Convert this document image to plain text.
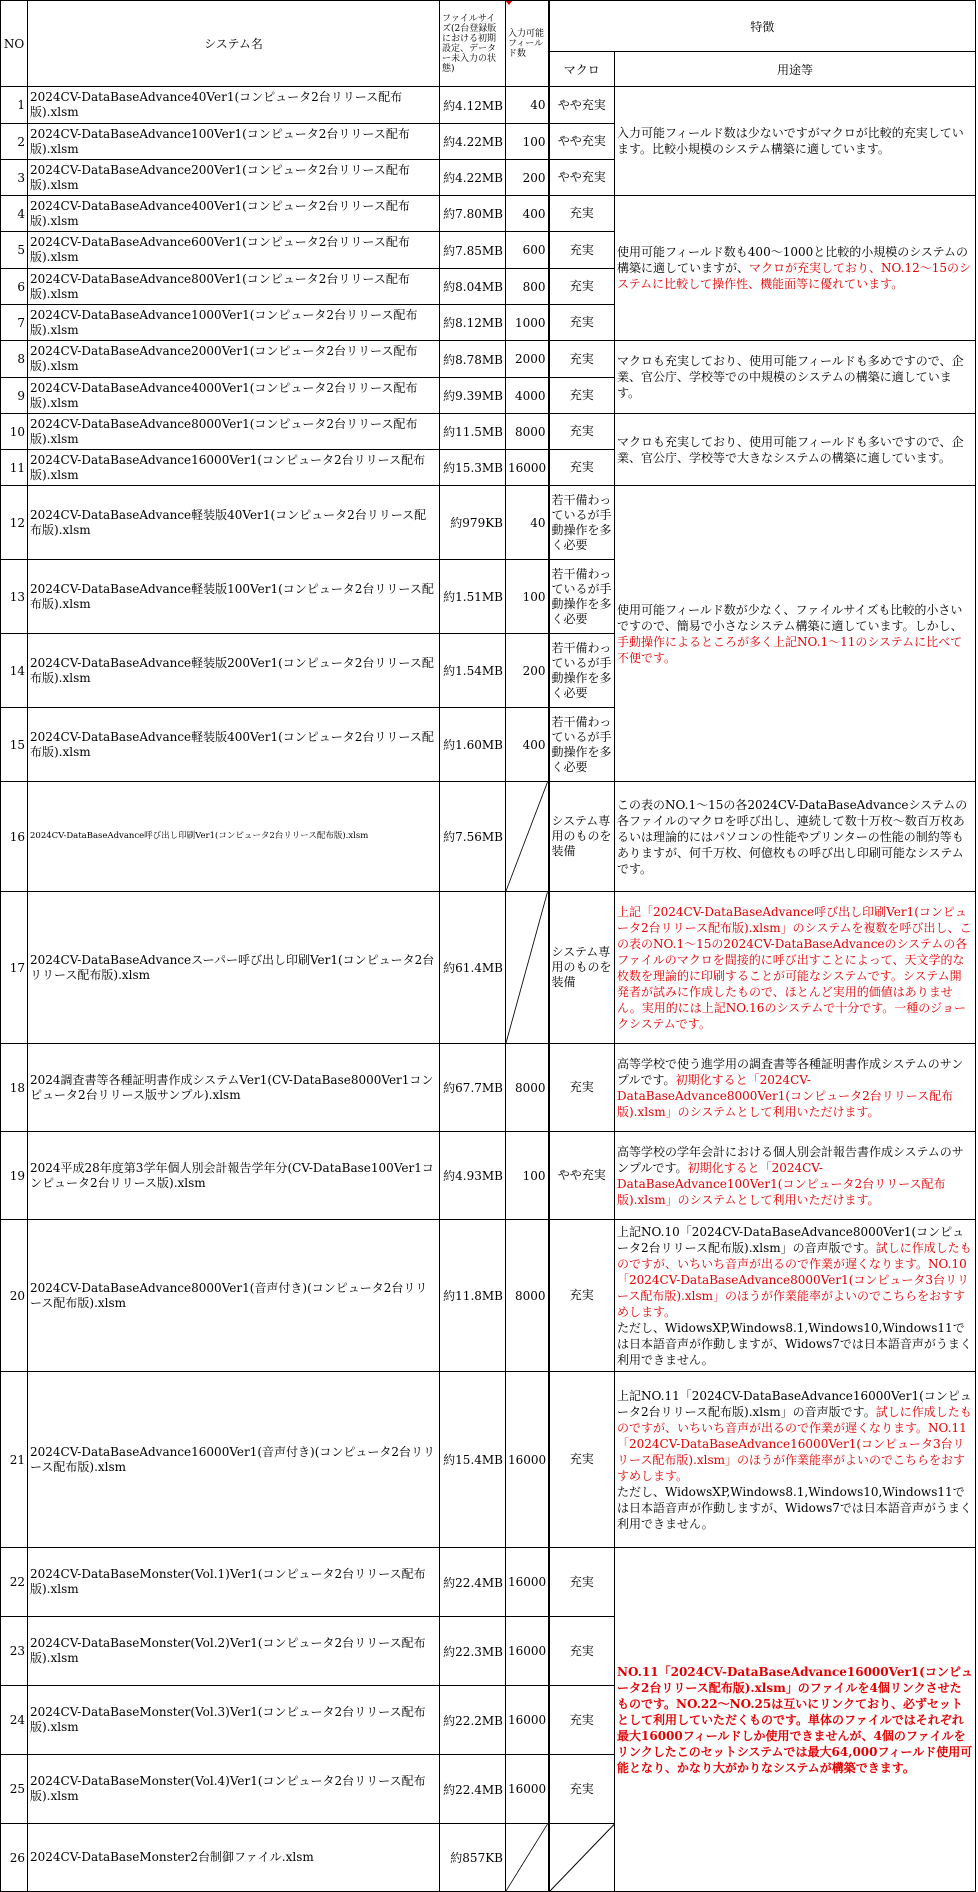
NO	システム名	ファイルサイズ(2台登録版における初期設定、データー未入力の状態)	入力可能フィールド数	特徴	
				マクロ	用途等
1	2024CV-DataBaseAdvance40Ver1(コンピュータ2台リリース配布版).xlsm	約4.12MB	40	やや充実	入力可能フィールド数は少ないですがマクロが比較的充実しています。比較小規模のシステム構築に適しています。
2	2024CV-DataBaseAdvance100Ver1(コンピュータ2台リリース配布版).xlsm	約4.22MB	100	やや充実	
3	2024CV-DataBaseAdvance200Ver1(コンピュータ2台リリース配布版).xlsm	約4.22MB	200	やや充実	
4	2024CV-DataBaseAdvance400Ver1(コンピュータ2台リリース配布版).xlsm	約7.80MB	400	充実	使用可能フィールド数も400～1000と比較的小規模のシステムの構築に適していますが、マクロが充実しており、NO.12～15のシステムに比較して操作性、機能面等に優れています。
5	2024CV-DataBaseAdvance600Ver1(コンピュータ2台リリース配布版).xlsm	約7.85MB	600	充実	
6	2024CV-DataBaseAdvance800Ver1(コンピュータ2台リリース配布版).xlsm	約8.04MB	800	充実	
7	2024CV-DataBaseAdvance1000Ver1(コンピュータ2台リリース配布版).xlsm	約8.12MB	1000	充実	
8	2024CV-DataBaseAdvance2000Ver1(コンピュータ2台リリース配布版).xlsm	約8.78MB	2000	充実	マクロも充実しており、使用可能フィールドも多めですので、企業、官公庁、学校等での中規模のシステムの構築に適しています。
9	2024CV-DataBaseAdvance4000Ver1(コンピュータ2台リリース配布版).xlsm	約9.39MB	4000	充実	
10	2024CV-DataBaseAdvance8000Ver1(コンピュータ2台リリース配布版).xlsm	約11.5MB	8000	充実	マクロも充実しており、使用可能フィールドも多いですので、企業、官公庁、学校等で大きなシステムの構築に適しています。
11	2024CV-DataBaseAdvance16000Ver1(コンピュータ2台リリース配布版).xlsm	約15.3MB	16000	充実	
12	2024CV-DataBaseAdvance軽装版40Ver1(コンピュータ2台リリース配布版).xlsm	約979KB	40	若干備わっているが手動操作を多く必要	使用可能フィールド数が少なく、ファイルサイズも比較的小さいですので、簡易で小さなシステム構築に適しています。しかし、手動操作によるところが多く上記NO.1～11のシステムに比べて不便です。
13	2024CV-DataBaseAdvance軽装版100Ver1(コンピュータ2台リリース配布版).xlsm	約1.51MB	100	若干備わっているが手動操作を多く必要	
14	2024CV-DataBaseAdvance軽装版200Ver1(コンピュータ2台リリース配布版).xlsm	約1.54MB	200	若干備わっているが手動操作を多く必要	
15	2024CV-DataBaseAdvance軽装版400Ver1(コンピュータ2台リリース配布版).xlsm	約1.60MB	400	若干備わっているが手動操作を多く必要	
16	2024CV-DataBaseAdvance呼び出し印刷Ver1(コンピュータ2台リリース配布版).xlsm	約7.56MB		システム専用のものを装備	この表のNO.1～15の各2024CV-DataBaseAdvanceシステムの各ファイルのマクロを呼び出し、連続して数十万枚～数百万枚あるいは理論的にはパソコンの性能やプリンターの性能の制約等もありますが、何千万枚、何億枚もの呼び出し印刷可能なシステムです。
17	2024CV-DataBaseAdvanceスーパー呼び出し印刷Ver1(コンピュータ2台リリース配布版).xlsm	約61.4MB		システム専用のものを装備	上記「2024CV-DataBaseAdvance呼び出し印刷Ver1(コンピュータ2台リリース配布版).xlsm」のシステムを複数を呼び出し、この表のNO.1～15の2024CV-DataBaseAdvanceのシステムの各ファイルのマクロを間接的に呼び出すことによって、天文学的な枚数を理論的に印刷することが可能なシステムです。システム開発者が試みに作成したもので、ほとんど実用的価値はありません。実用的には上記NO.16のシステムで十分です。一種のジョークシステムです。
18	2024調査書等各種証明書作成システムVer1(CV-DataBase8000Ver1コンピュータ2台リリース版サンプル).xlsm	約67.7MB	8000	充実	高等学校で使う進学用の調査書等各種証明書作成システムのサンプルです。初期化すると「2024CV-DataBaseAdvance8000Ver1(コンピュータ2台リリース配布版).xlsm」のシステムとして利用いただけます。
19	2024平成28年度第3学年個人別会計報告学年分(CV-DataBase100Ver1コンピュータ2台リリース版).xlsm	約4.93MB	100	やや充実	高等学校の学年会計における個人別会計報告書作成システムのサンプルです。初期化すると「2024CV-DataBaseAdvance100Ver1(コンピュータ2台リリース配布版).xlsm」のシステムとして利用いただけます。
20	2024CV-DataBaseAdvance8000Ver1(音声付き)(コンピュータ2台リリース配布版).xlsm	約11.8MB	8000	充実	上記NO.10「2024CV-DataBaseAdvance8000Ver1(コンピュータ2台リリース配布版).xlsm」の音声版です。試しに作成したものですが、いちいち音声が出るので作業が遅くなります。NO.10「2024CV-DataBaseAdvance8000Ver1(コンピュータ3台リリース配布版).xlsm」のほうが作業能率がよいのでこちらをおすすめします。
ただし、WidowsXP,Windows8.1,Windows10,Windows11では日本語音声が作動しますが、Widows7では日本語音声がうまく利用できません。
21	2024CV-DataBaseAdvance16000Ver1(音声付き)(コンピュータ2台リリース配布版).xlsm	約15.4MB	16000	充実	上記NO.11「2024CV-DataBaseAdvance16000Ver1(コンピュータ2台リリース配布版).xlsm」の音声版です。試しに作成したものですが、いちいち音声が出るので作業が遅くなります。NO.11「2024CV-DataBaseAdvance16000Ver1(コンピュータ3台リリース配布版).xlsm」のほうが作業能率がよいのでこちらをおすすめします。
ただし、WidowsXP,Windows8.1,Windows10,Windows11では日本語音声が作動しますが、Widows7では日本語音声がうまく利用できません。
22	2024CV-DataBaseMonster(Vol.1)Ver1(コンピュータ2台リリース配布版).xlsm	約22.4MB	16000	充実	NO.11「2024CV-DataBaseAdvance16000Ver1(コンピュータ2台リリース配布版).xlsm」のファイルを4個リンクさせたものです。NO.22～NO.25は互いにリンクており、必ずセットとして利用していただくものです。単体のファイルではそれぞれ最大16000フィールドしか使用できませんが、4個のファイルをリンクしたこのセットシステムでは最大64,000フィールド使用可能となり、かなり大がかりなシステムが構築できます。
23	2024CV-DataBaseMonster(Vol.2)Ver1(コンピュータ2台リリース配布版).xlsm	約22.3MB	16000	充実	
24	2024CV-DataBaseMonster(Vol.3)Ver1(コンピュータ2台リリース配布版).xlsm	約22.2MB	16000	充実	
25	2024CV-DataBaseMonster(Vol.4)Ver1(コンピュータ2台リリース配布版).xlsm	約22.4MB	16000	充実	
26	2024CV-DataBaseMonster2台制御ファイル.xlsm	約857KB	
